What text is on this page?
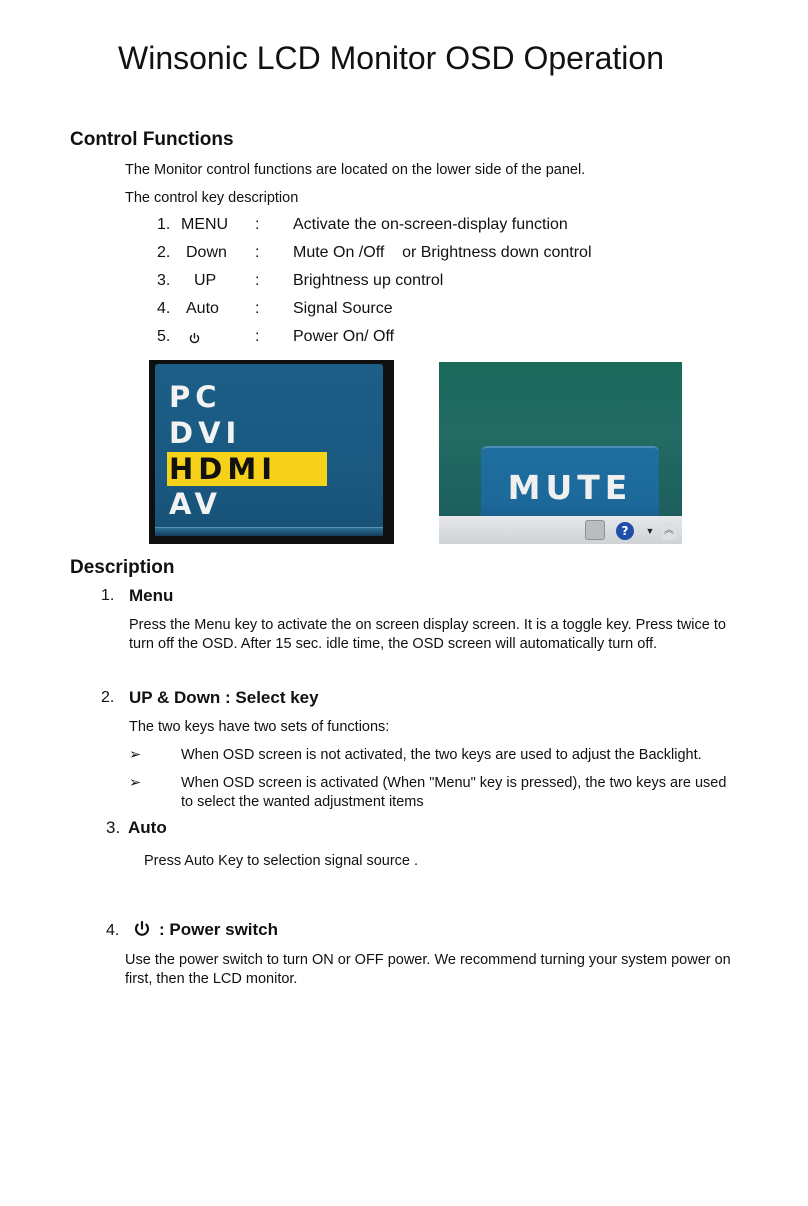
Winsonic LCD Monitor OSD Operation
Control Functions
The Monitor control functions are located on the lower side of the panel.
The control key description
1. MENU : Activate the on-screen-display function
2. Down : Mute On /Off    or Brightness down control
3. UP : Brightness up control
4. Auto : Signal Source
5.	: Power On/ Off
PC
DVI
HDMI
AV	MUTE
?	▼ ︽
Description
1. Menu
Press the Menu key to activate the on screen display screen. It is a toggle key. Press twice to
turn off the OSD. After 15 sec. idle time, the OSD screen will automatically turn off.
2. UP & Down : Select key
The two keys have two sets of functions:
➢	When OSD screen is not activated, the two keys are used to adjust the Backlight.
➢	When OSD screen is activated (When "Menu" key is pressed), the two keys are used
to select the wanted adjustment items
3. Auto
Press Auto Key to selection signal source .
4. : Power switch
Use the power switch to turn ON or OFF power. We recommend turning your system power on
first, then the LCD monitor.
